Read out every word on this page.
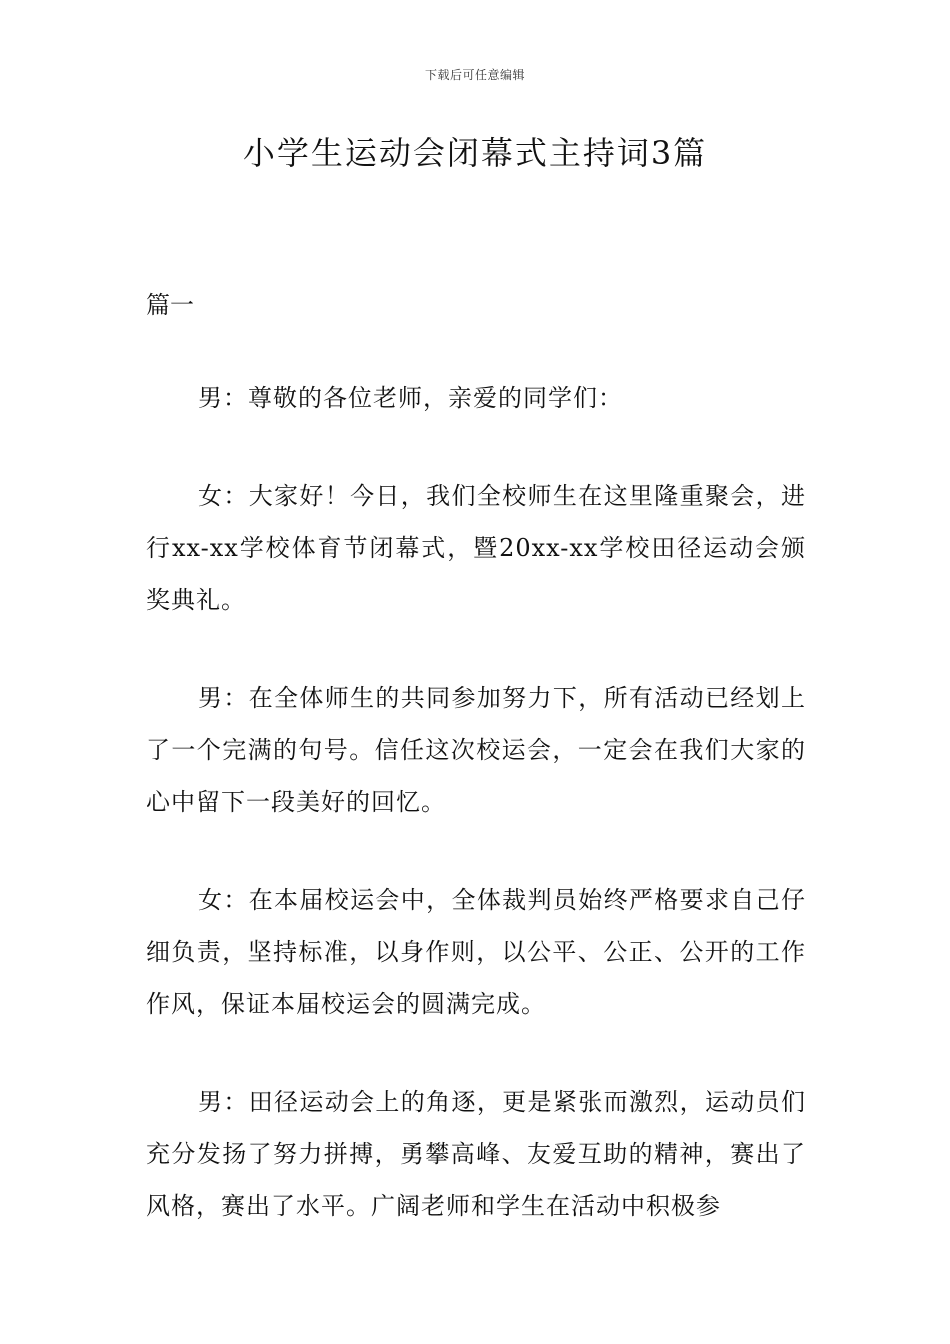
下载后可任意编辑
小学生运动会闭幕式主持词3篇

篇一

男：尊敬的各位老师，亲爱的同学们：

女：大家好！今日，我们全校师生在这里隆重聚会，进行xx-xx学校体育节闭幕式，暨20xx-xx学校田径运动会颁奖典礼。

男：在全体师生的共同参加努力下，所有活动已经划上了一个完满的句号。信任这次校运会，一定会在我们大家的心中留下一段美好的回忆。

女：在本届校运会中，全体裁判员始终严格要求自己仔细负责，坚持标准，以身作则，以公平、公正、公开的工作作风，保证本届校运会的圆满完成。

男：田径运动会上的角逐，更是紧张而激烈，运动员们充分发扬了努力拼搏，勇攀高峰、友爱互助的精神，赛出了风格，赛出了水平。广阔老师和学生在活动中积极参
